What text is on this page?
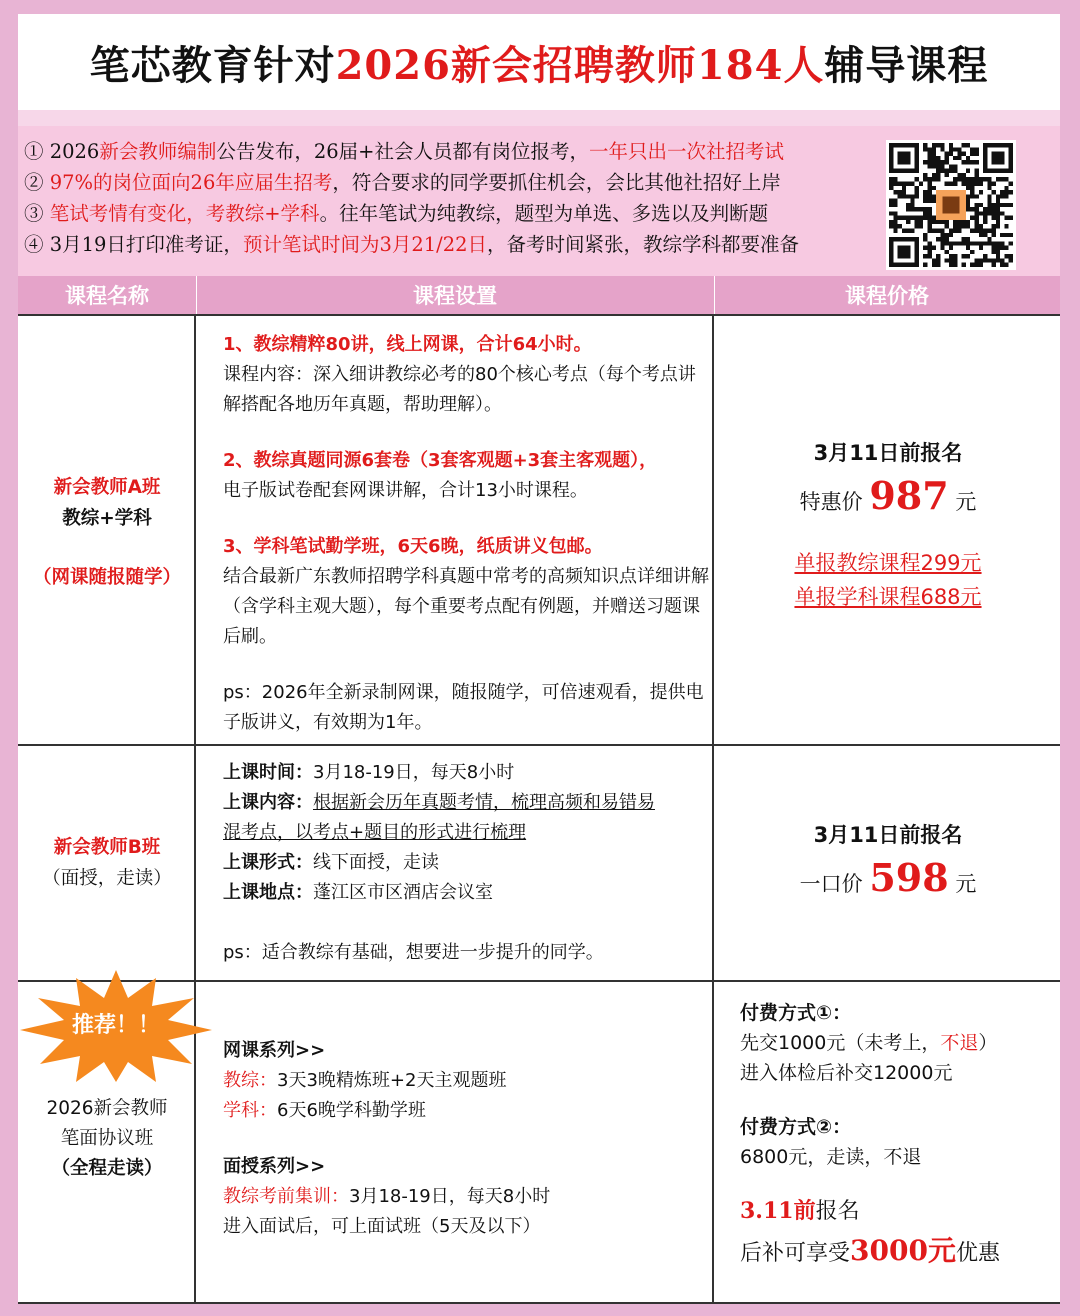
笔芯教育针对 2026新会招聘教师184人 辅导课程
① 2026新会教师编制公告发布，26届+社会人员都有岗位报考，一年只出一次社招考试
② 97%的岗位面向26年应届生招考，符合要求的同学要抓住机会，会比其他社招好上岸
③ 笔试考情有变化，考教综+学科。往年笔试为纯教综，题型为单选、多选以及判断题
④ 3月19日打印准考证，预计笔试时间为3月21/22日，备考时间紧张，教综学科都要准备
课程名称	课程设置	课程价格
新会教师A班
教综+学科
（网课随报随学）
1、教综精粹80讲，线上网课，合计64小时。
课程内容：深入细讲教综必考的80个核心考点（每个考点讲解搭配各地历年真题，帮助理解）。
2、教综真题同源6套卷（3套客观题+3套主客观题），
电子版试卷配套网课讲解，合计13小时课程。
3、学科笔试勤学班，6天6晚，纸质讲义包邮。
结合最新广东教师招聘学科真题中常考的高频知识点详细讲解（含学科主观大题），每个重要考点配有例题，并赠送习题课后刷。
ps：2026年全新录制网课，随报随学，可倍速观看，提供电子版讲义，有效期为1年。
3月11日前报名
特惠价 987 元
单报教综课程299元
单报学科课程688元
新会教师B班
（面授，走读）
上课时间：3月18-19日，每天8小时
上课内容：根据新会历年真题考情，梳理高频和易错易
混考点，以考点+题目的形式进行梳理
上课形式：线下面授，走读
上课地点：蓬江区市区酒店会议室
ps：适合教综有基础，想要进一步提升的同学。
3月11日前报名
一口价 598 元
推荐！！
2026新会教师
笔面协议班
（全程走读）
网课系列>>
教综：3天3晚精炼班+2天主观题班
学科：6天6晚学科勤学班
面授系列>>
教综考前集训：3月18-19日，每天8小时
进入面试后，可上面试班（5天及以下）
付费方式①：
先交1000元（未考上，不退）
进入体检后补交12000元
付费方式②：
6800元，走读，不退
3.11前报名
后补可享受3000元优惠
